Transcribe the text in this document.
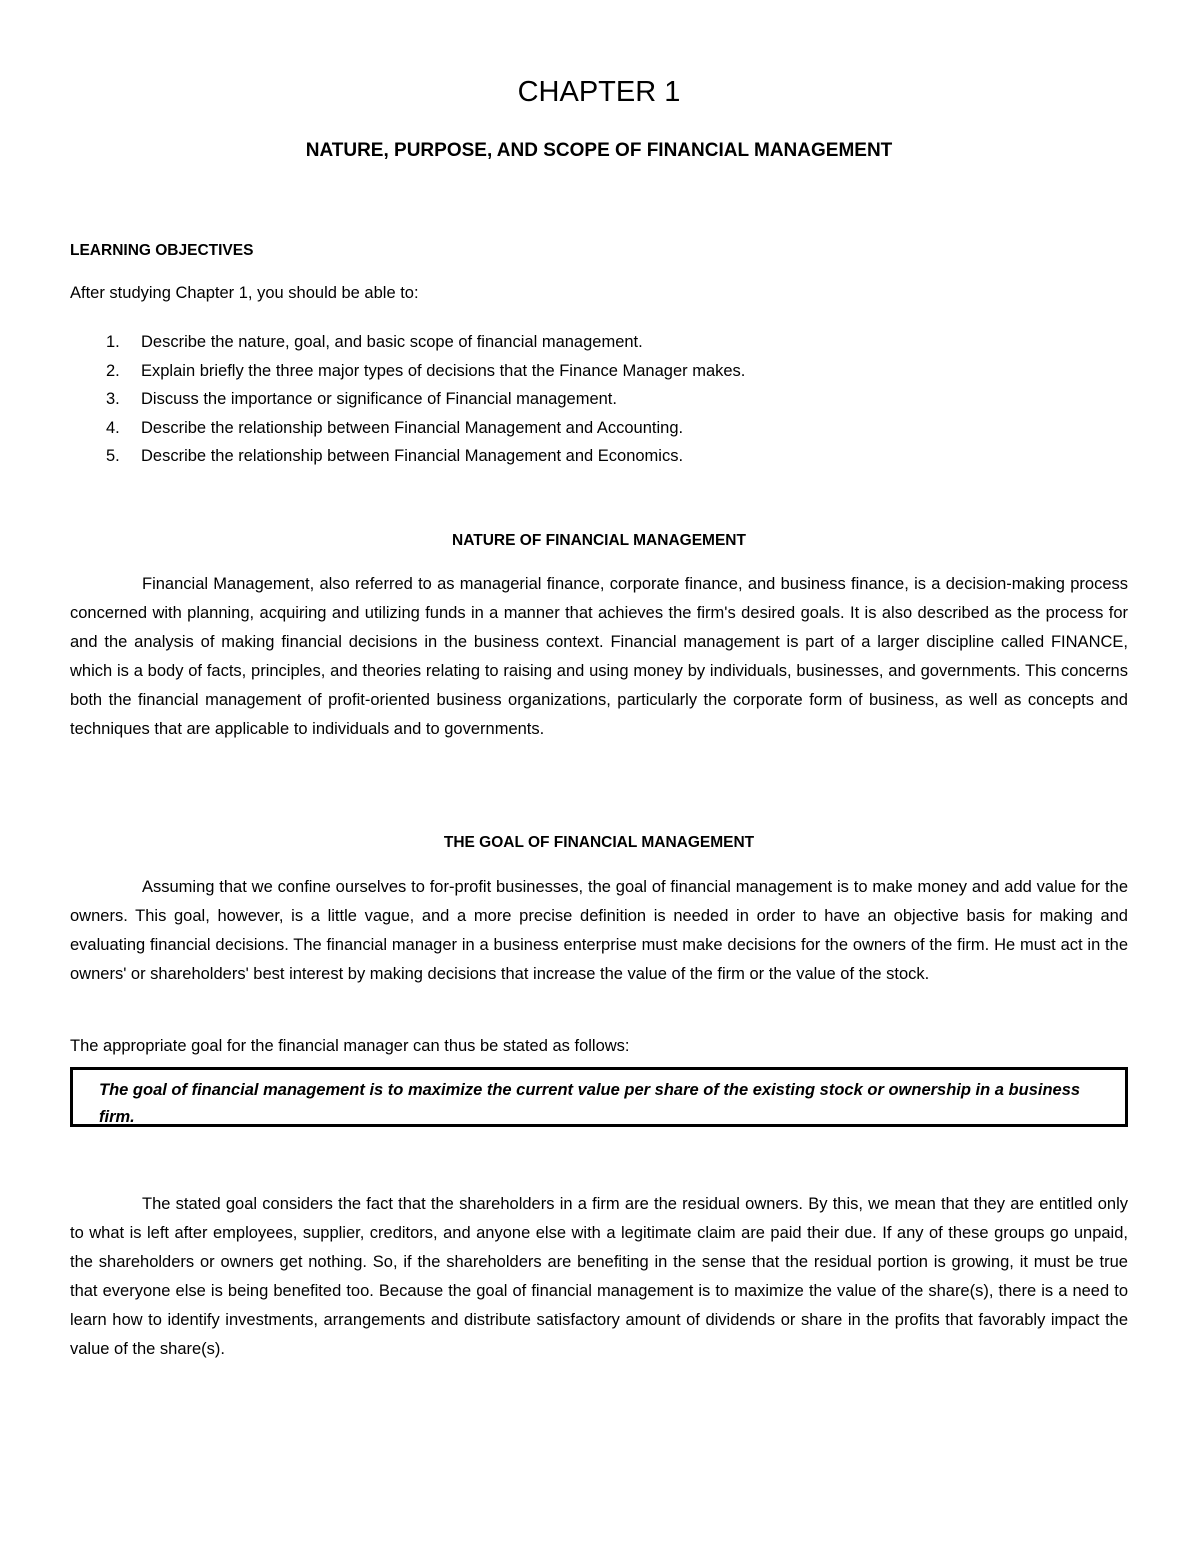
CHAPTER 1
NATURE, PURPOSE, AND SCOPE OF FINANCIAL MANAGEMENT
LEARNING OBJECTIVES

After studying Chapter 1, you should be able to:

1. Describe the nature, goal, and basic scope of financial management.
2. Explain briefly the three major types of decisions that the Finance Manager makes.
3. Discuss the importance or significance of Financial management.
4. Describe the relationship between Financial Management and Accounting.
5. Describe the relationship between Financial Management and Economics.
NATURE OF FINANCIAL MANAGEMENT

Financial Management, also referred to as managerial finance, corporate finance, and business finance, is a decision-making process concerned with planning, acquiring and utilizing funds in a manner that achieves the firm's desired goals. It is also described as the process for and the analysis of making financial decisions in the business context. Financial management is part of a larger discipline called FINANCE, which is a body of facts, principles, and theories relating to raising and using money by individuals, businesses, and governments. This concerns both the financial management of profit-oriented business organizations, particularly the corporate form of business, as well as concepts and techniques that are applicable to individuals and to governments.

THE GOAL OF FINANCIAL MANAGEMENT

Assuming that we confine ourselves to for-profit businesses, the goal of financial management is to make money and add value for the owners. This goal, however, is a little vague, and a more precise definition is needed in order to have an objective basis for making and evaluating financial decisions. The financial manager in a business enterprise must make decisions for the owners of the firm. He must act in the owners' or shareholders' best interest by making decisions that increase the value of the firm or the value of the stock.

The appropriate goal for the financial manager can thus be stated as follows:

The goal of financial management is to maximize the current value per share of the existing stock or ownership in a business firm.

The stated goal considers the fact that the shareholders in a firm are the residual owners. By this, we mean that they are entitled only to what is left after employees, supplier, creditors, and anyone else with a legitimate claim are paid their due. If any of these groups go unpaid, the shareholders or owners get nothing. So, if the shareholders are benefiting in the sense that the residual portion is growing, it must be true that everyone else is being benefited too. Because the goal of financial management is to maximize the value of the share(s), there is a need to learn how to identify investments, arrangements and distribute satisfactory amount of dividends or share in the profits that favorably impact the value of the share(s).
